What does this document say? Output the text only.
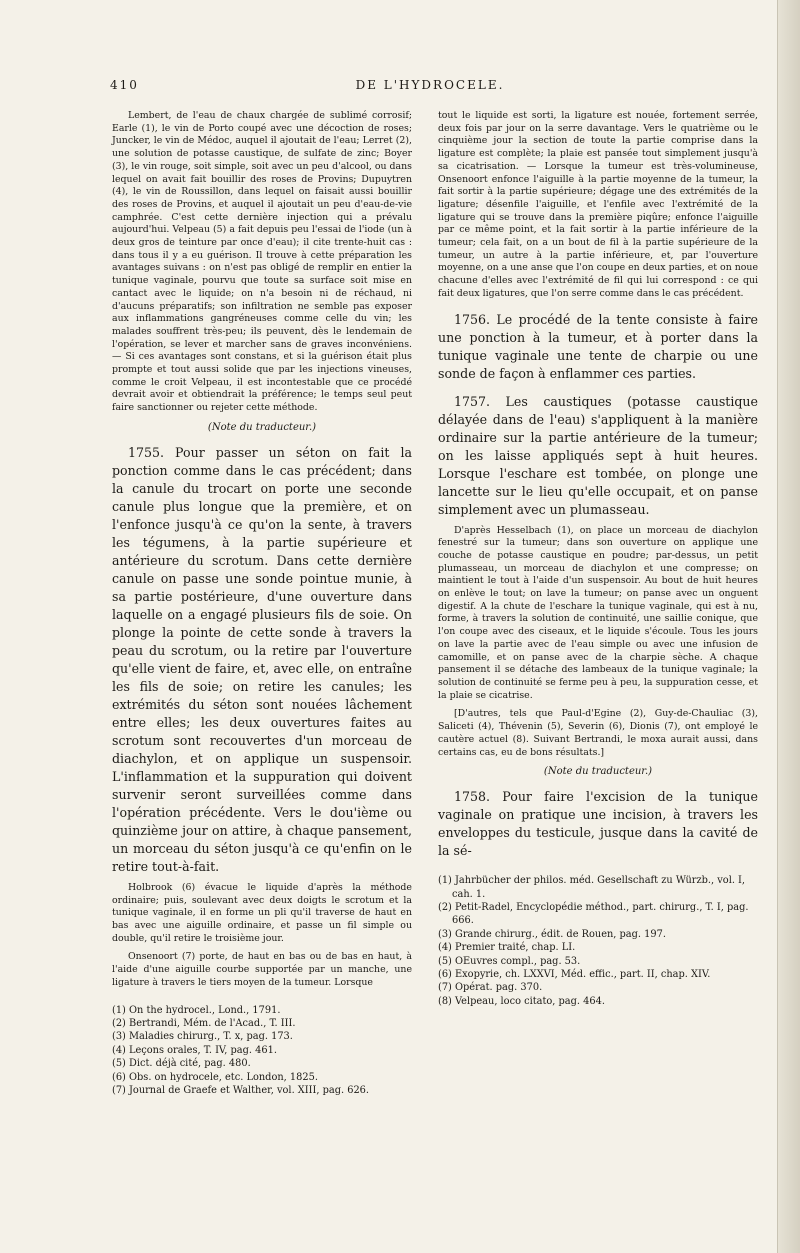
410	DE L'HYDROCELE.

Lembert, de l'eau de chaux chargée de sublimé corrosif; Earle (1), le vin de Porto coupé avec une décoction de roses; Juncker, le vin de Médoc, auquel il ajoutait de l'eau; Lerret (2), une solution de potasse caustique, de sulfate de zinc; Boyer (3), le vin rouge, soit simple, soit avec un peu d'alcool, ou dans lequel on avait fait bouillir des roses de Provins; Dupuytren (4), le vin de Roussillon, dans lequel on faisait aussi bouillir des roses de Provins, et auquel il ajoutait un peu d'eau-de-vie camphrée. C'est cette dernière injection qui a prévalu aujourd'hui. Velpeau (5) a fait depuis peu l'essai de l'iode (un à deux gros de teinture par once d'eau); il cite trente-huit cas : dans tous il y a eu guérison. Il trouve à cette préparation les avantages suivans : on n'est pas obligé de remplir en entier la tunique vaginale, pourvu que toute sa surface soit mise en cantact avec le liquide; on n'a besoin ni de réchaud, ni d'aucuns préparatifs; son infiltration ne semble pas exposer aux inflammations gangréneuses comme celle du vin; les malades souffrent très-peu; ils peuvent, dès le lendemain de l'opération, se lever et marcher sans de graves inconvéniens. — Si ces avantages sont constans, et si la guérison était plus prompte et tout aussi solide que par les injections vineuses, comme le croit Velpeau, il est incontestable que ce procédé devrait avoir et obtiendrait la préférence; le temps seul peut faire sanctionner ou rejeter cette méthode.

(Note du traducteur.)

1755. Pour passer un séton on fait la ponction comme dans le cas précédent; dans la canule du trocart on porte une seconde canule plus longue que la première, et on l'enfonce jusqu'à ce qu'on la sente, à travers les tégumens, à la partie supérieure et antérieure du scrotum. Dans cette dernière canule on passe une sonde pointue munie, à sa partie postérieure, d'une ouverture dans laquelle on a engagé plusieurs fils de soie. On plonge la pointe de cette sonde à travers la peau du scrotum, ou la retire par l'ouverture qu'elle vient de faire, et, avec elle, on entraîne les fils de soie; on retire les canules; les extrémités du séton sont nouées lâchement entre elles; les deux ouvertures faites au scrotum sont recouvertes d'un morceau de diachylon, et on applique un suspensoir. L'inflammation et la suppuration qui doivent survenir seront surveillées comme dans l'opération précédente. Vers le dou'ième ou quinzième jour on attire, à chaque pansement, un morceau du séton jusqu'à ce qu'enfin on le retire tout-à-fait.

Holbrook (6) évacue le liquide d'après la méthode ordinaire; puis, soulevant avec deux doigts le scrotum et la tunique vaginale, il en forme un pli qu'il traverse de haut en bas avec une aiguille ordinaire, et passe un fil simple ou double, qu'il retire le troisième jour.

Onsenoort (7) porte, de haut en bas ou de bas en haut, à l'aide d'une aiguille courbe supportée par un manche, une ligature à travers le tiers moyen de la tumeur. Lorsque

(1) On the hydrocel., Lond., 1791.

(2) Bertrandi, Mém. de l'Acad., T. III.

(3) Maladies chirurg., T. x, pag. 173.

(4) Leçons orales, T. IV, pag. 461.

(5) Dict. déjà cité, pag. 480.

(6) Obs. on hydrocele, etc. London, 1825.

(7) Journal de Graefe et Walther, vol. XIII, pag. 626.

tout le liquide est sorti, la ligature est nouée, fortement serrée, deux fois par jour on la serre davantage. Vers le quatrième ou le cinquième jour la section de toute la partie comprise dans la ligature est complète; la plaie est pansée tout simplement jusqu'à sa cicatrisation. — Lorsque la tumeur est très-volumineuse, Onsenoort enfonce l'aiguille à la partie moyenne de la tumeur, la fait sortir à la partie supérieure; dégage une des extrémités de la ligature; désenfile l'aiguille, et l'enfile avec l'extrémité de la ligature qui se trouve dans la première piqûre; enfonce l'aiguille par ce même point, et la fait sortir à la partie inférieure de la tumeur; cela fait, on a un bout de fil à la partie supérieure de la tumeur, un autre à la partie inférieure, et, par l'ouverture moyenne, on a une anse que l'on coupe en deux parties, et on noue chacune d'elles avec l'extrémité de fil qui lui correspond : ce qui fait deux ligatures, que l'on serre comme dans le cas précédent.

1756. Le procédé de la tente consiste à faire une ponction à la tumeur, et à porter dans la tunique vaginale une tente de charpie ou une sonde de façon à enflammer ces parties.

1757. Les caustiques (potasse caustique délayée dans de l'eau) s'appliquent à la manière ordinaire sur la partie antérieure de la tumeur; on les laisse appliqués sept à huit heures. Lorsque l'eschare est tombée, on plonge une lancette sur le lieu qu'elle occupait, et on panse simplement avec un plumasseau.

D'après Hesselbach (1), on place un morceau de diachylon fenestré sur la tumeur; dans son ouverture on applique une couche de potasse caustique en poudre; par-dessus, un petit plumasseau, un morceau de diachylon et une compresse; on maintient le tout à l'aide d'un suspensoir. Au bout de huit heures on enlève le tout; on lave la tumeur; on panse avec un onguent digestif. A la chute de l'eschare la tunique vaginale, qui est à nu, forme, à travers la solution de continuité, une saillie conique, que l'on coupe avec des ciseaux, et le liquide s'écoule. Tous les jours on lave la partie avec de l'eau simple ou avec une infusion de camomille, et on panse avec de la charpie sèche. A chaque pansement il se détache des lambeaux de la tunique vaginale; la solution de continuité se ferme peu à peu, la suppuration cesse, et la plaie se cicatrise.

[D'autres, tels que Paul-d'Egine (2), Guy-de-Chauliac (3), Saliceti (4), Thévenin (5), Severin (6), Dionis (7), ont employé le cautère actuel (8). Suivant Bertrandi, le moxa aurait aussi, dans certains cas, eu de bons résultats.]

(Note du traducteur.)

1758. Pour faire l'excision de la tunique vaginale on pratique une incision, à travers les enveloppes du testicule, jusque dans la cavité de la sé-

(1) Jahrbücher der philos. méd. Gesellschaft zu Würzb., vol. I, cah. 1.

(2) Petit-Radel, Encyclopédie méthod., part. chirurg., T. I, pag. 666.

(3) Grande chirurg., édit. de Rouen, pag. 197.

(4) Premier traité, chap. LI.

(5) OEuvres compl., pag. 53.

(6) Exopyrie, ch. LXXVI, Méd. effic., part. II, chap. XIV.

(7) Opérat. pag. 370.

(8) Velpeau, loco citato, pag. 464.
